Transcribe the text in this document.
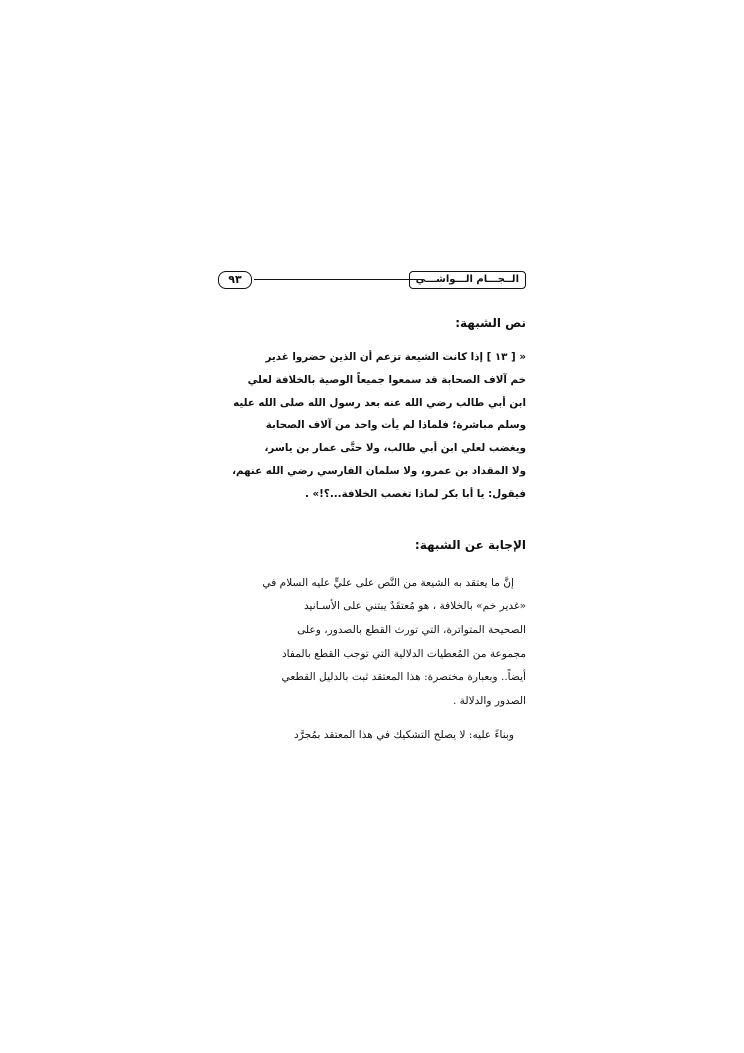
الــجـــام الـــواشـــي
٩٣
نص الشبهة:
« [ ١٣ ] إذا كانت الشيعة تزعم أن الذين حضروا غدير
خم آلاف الصحابة قد سمعوا جميعاً الوصية بالخلافة لعلي
ابن أبي طالب رضي الله عنه بعد رسول الله صلى الله عليه
وسلم مباشرة؛ فلماذا لم يأت واحد من آلاف الصحابة
ويغضب لعلي ابن أبي طالب، ولا حتَّى عمار بن ياسر،
ولا المقداد بن عمرو، ولا سلمان الفارسي رضي الله عنهم،
فيقول: يا أبا بكر لماذا تغصب الخلافة...؟!» .
الإجابة عن الشبهة:
إنَّ ما يعتقد به الشيعة من النَّص على عليٍّ عليه السلام في
«غدير خم» بالخلافة ، هو مُعتقَدٌ يبتني على الأسـانيد
الصحيحة المتواترة، التي تورث القطع بالصدور، وعلى
مجموعة من المُعطيات الدلالية التي توجب القطع بالمفاد
أيضاً.. وبعبارة مختصرة: هذا المعتقد ثبت بالدليل القطعي
الصدور والدلالة .
وبناءً عليه: لا يصلح التشكيك في هذا المعتقد بمُجرَّد
